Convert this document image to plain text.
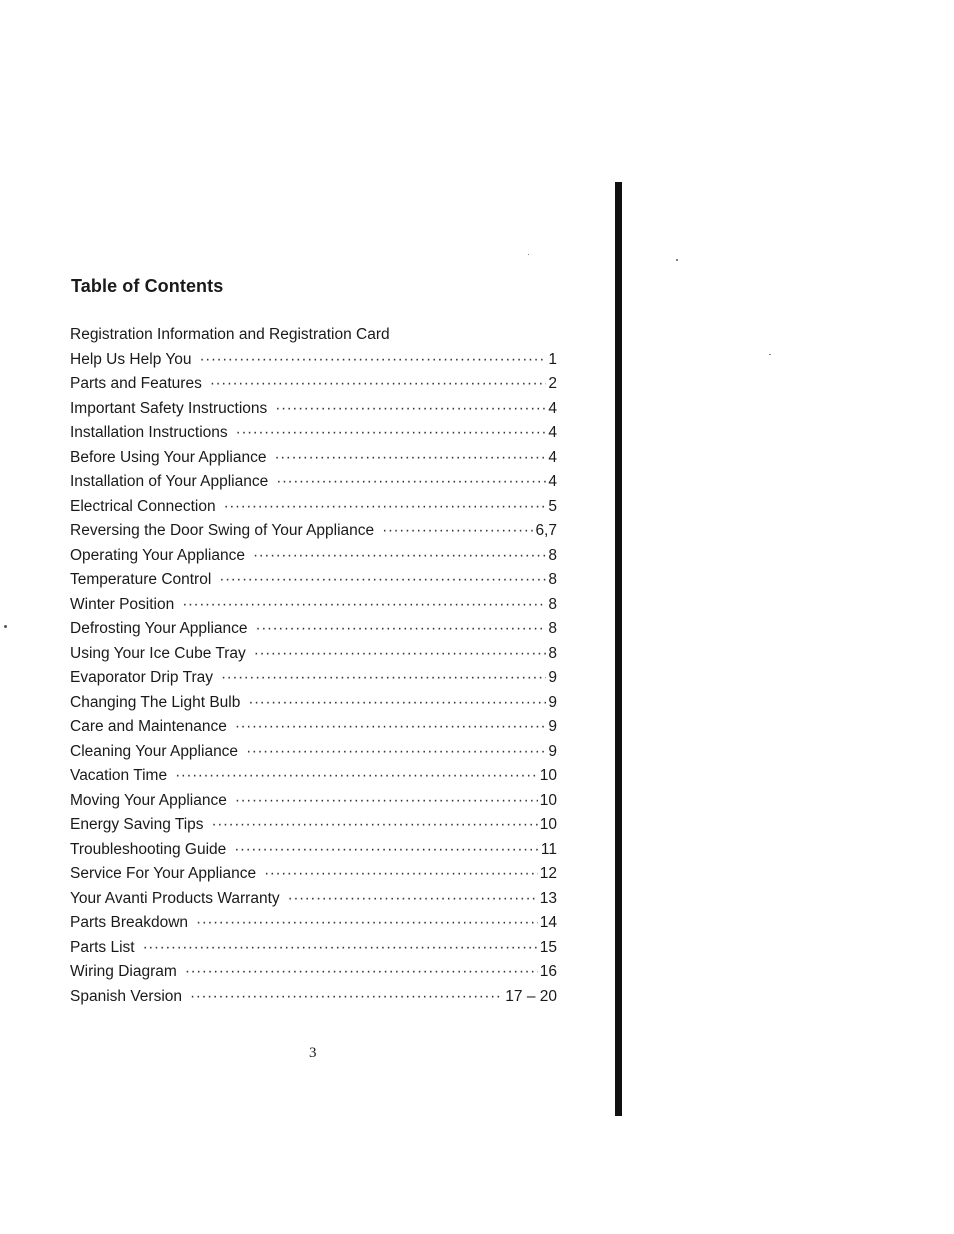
Table of Contents
Registration Information and Registration Card
Help Us Help You ·····	1
Parts and Features ·····	2
Important Safety Instructions ·····	4
Installation Instructions ·····	4
Before Using Your Appliance ·····	4
Installation of Your Appliance ·····	4
Electrical Connection ·····	5
Reversing the Door Swing of Your Appliance ·····	6,7
Operating Your Appliance ·····	8
Temperature Control ·····	8
Winter Position ·····	8
Defrosting Your Appliance ·····	8
Using Your Ice Cube Tray ·····	8
Evaporator Drip Tray ·····	9
Changing The Light Bulb ·····	9
Care and Maintenance ·····	9
Cleaning Your Appliance ·····	9
Vacation Time ·····	10
Moving Your Appliance ·····	10
Energy Saving Tips ·····	10
Troubleshooting Guide ·····	11
Service For Your Appliance ·····	12
Your Avanti Products Warranty ·····	13
Parts Breakdown ·····	14
Parts List ·····	15
Wiring Diagram ·····	16
Spanish Version ·····	17 – 20
3
